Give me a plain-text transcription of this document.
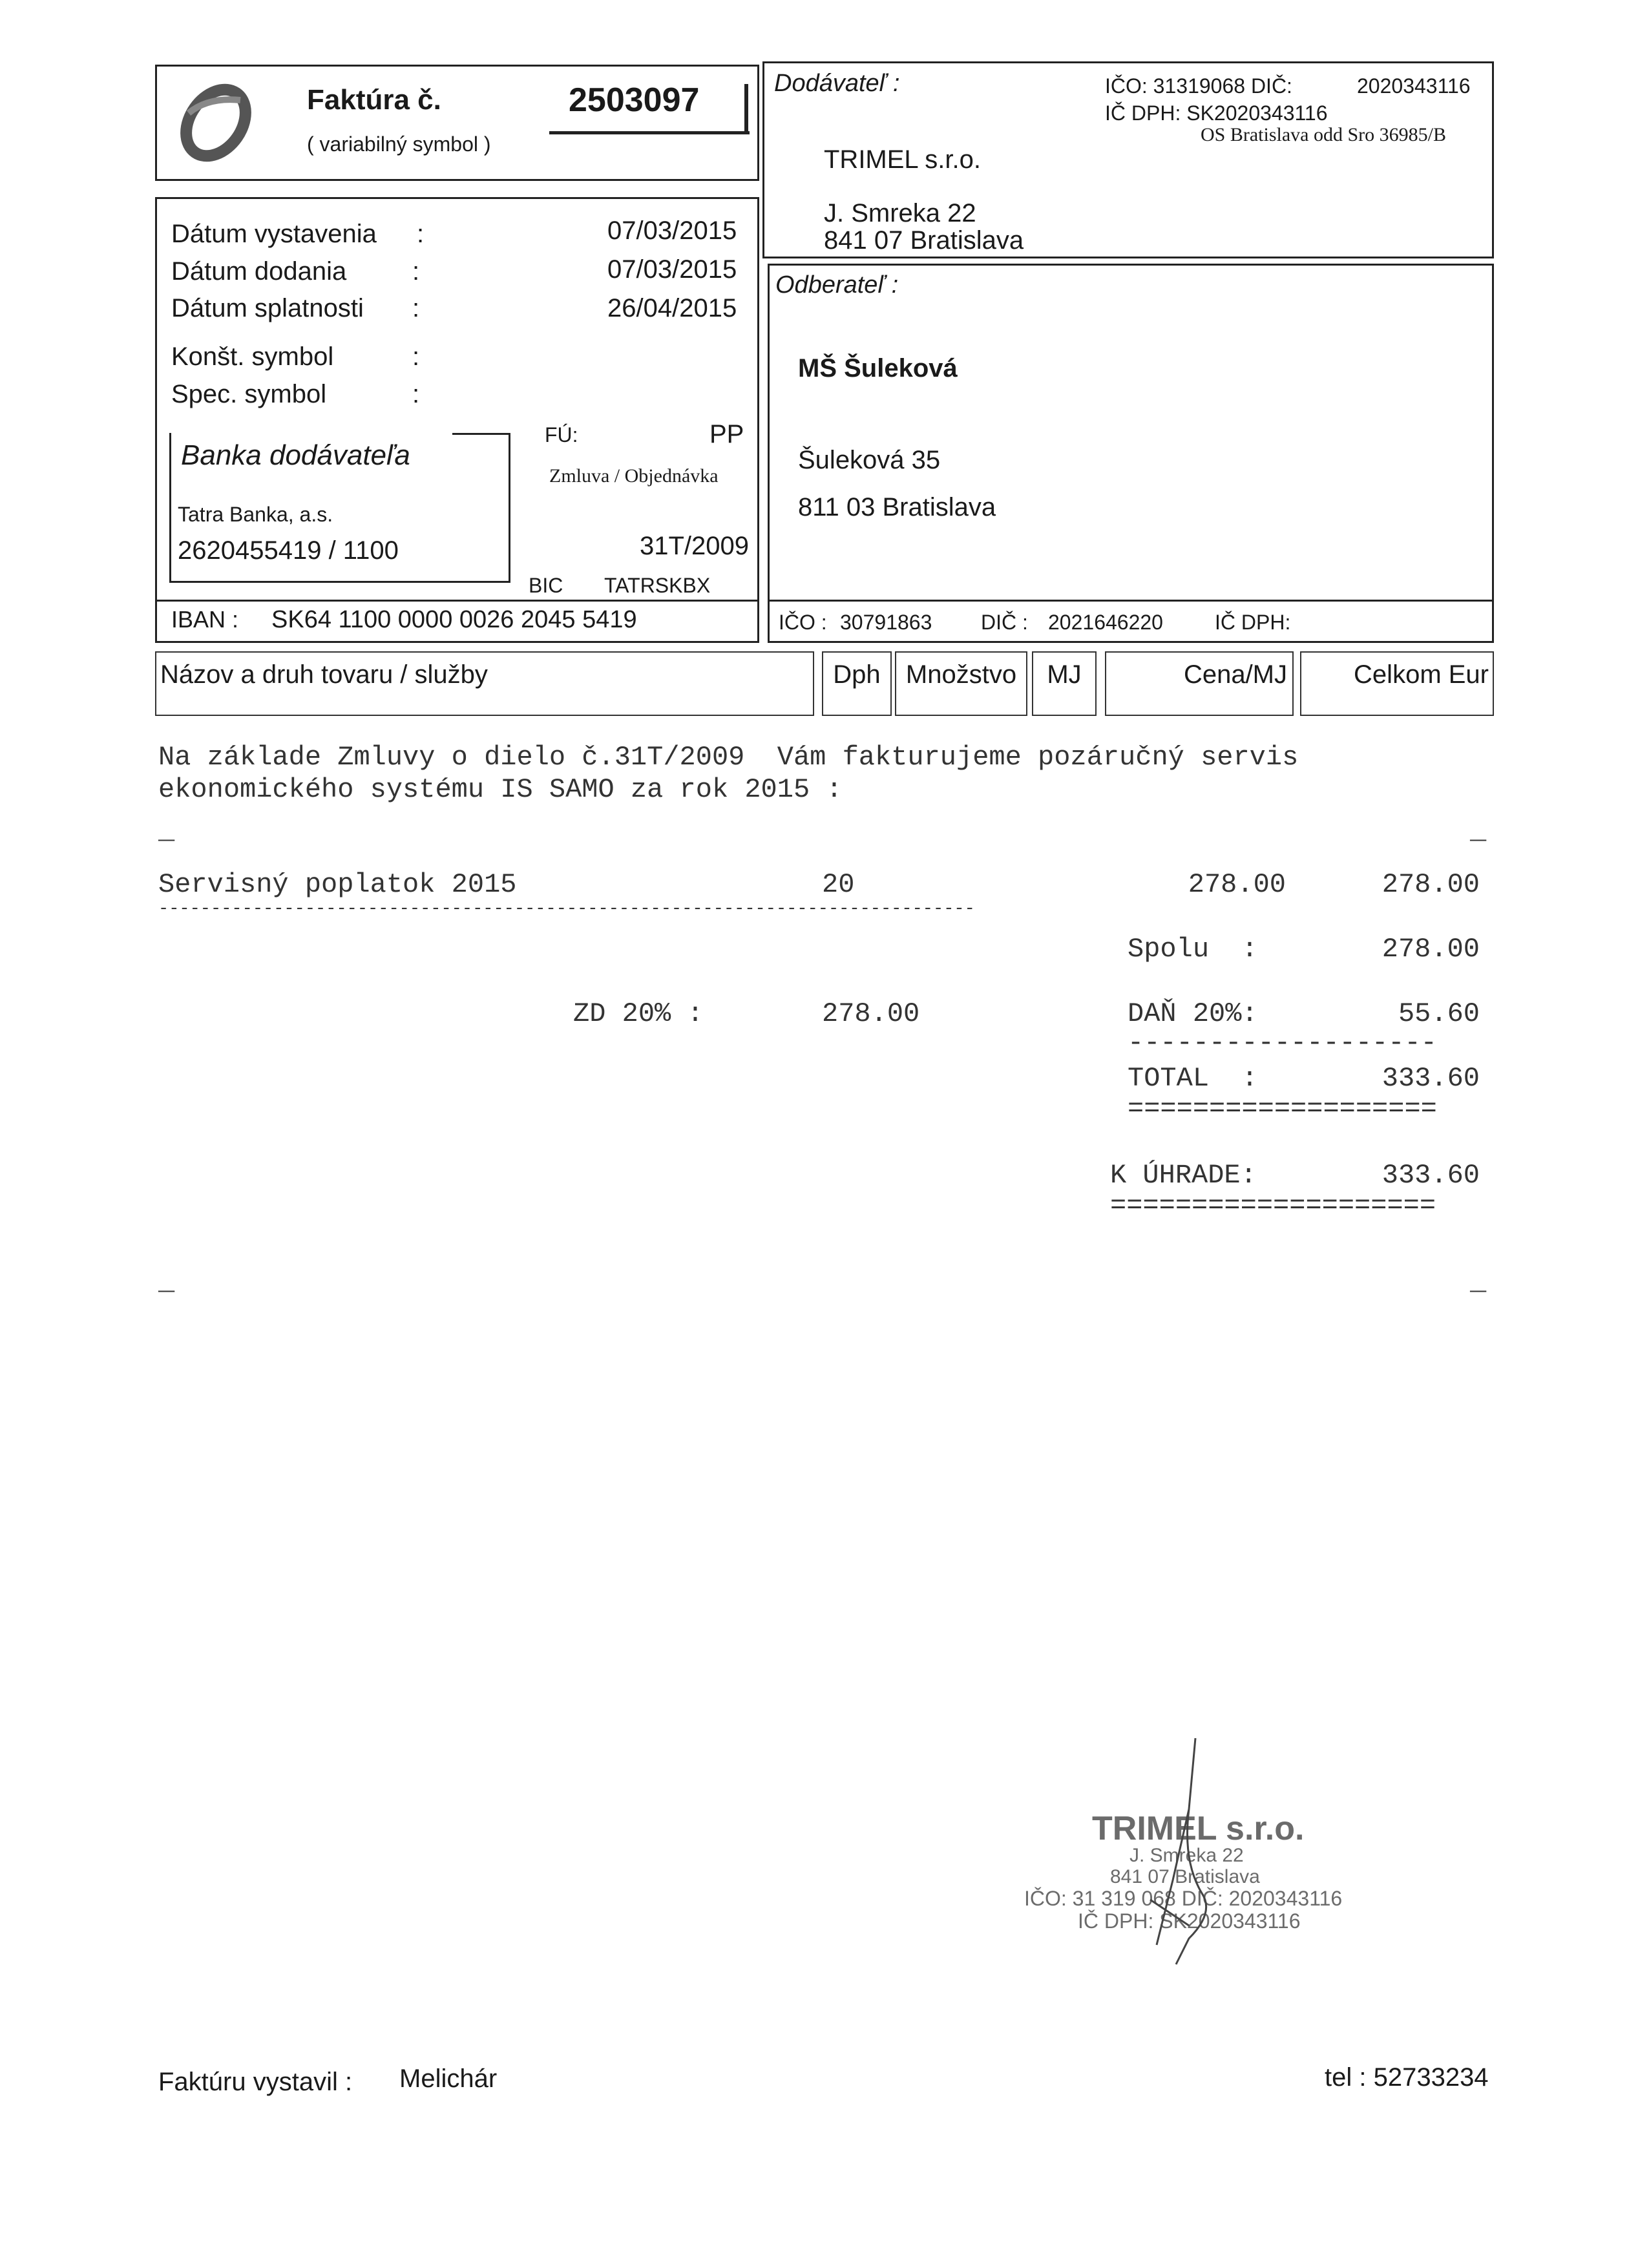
Faktúra č.
( variabilný symbol )
2503097
Dátum vystavenia :	07/03/2015
Dátum dodania	:	07/03/2015
Dátum splatnosti :	26/04/2015
Konšt. symbol	:
Spec. symbol	:
Banka dodávateľa
Tatra Banka, a.s.
2620455419 / 1100
FÚ:	PP
Zmluva / Objednávka
31T/2009
BIC TATRSKBX
IBAN : SK64 1100 0000 0026 2045 5419
Dodávateľ :	IČO: 31319068 DIČ:	2020343116
IČ DPH: SK2020343116
OS Bratislava odd Sro 36985/B
TRIMEL s.r.o.
J. Smreka 22
841 07 Bratislava
Odberateľ :
MŠ Šuleková
Šuleková 35
811 03 Bratislava
IČO : 30791863 DIČ : 2021646220	IČ DPH:
Názov a druh tovaru / služby	Dph Množstvo MJ	Cena/MJ	Celkom Eur
Na základe Zmluvy o diel​o č.31T/2009  Vám fakturujeme pozáručný servis
ekonomického systému IS SAMO za rok 2015 :
_	_
Servisný poplatok 2015	20	278.00	278.00
------------------------------------------------------------------------------
Spolu  :	278.00
ZD 20% :	278.00	DAŇ 20%:	55.60
-------------------
TOTAL  :	333.60
===================
K ÚHRADE:	333.60
====================
_	_
TRIMEL s.r.o.
J. Smreka 22
841 07 Bratislava
IČO: 31 319 068 DIČ: 2020343116
IČ DPH: SK2020343116
Faktúru vystavil : Melichár	tel : 52733234
